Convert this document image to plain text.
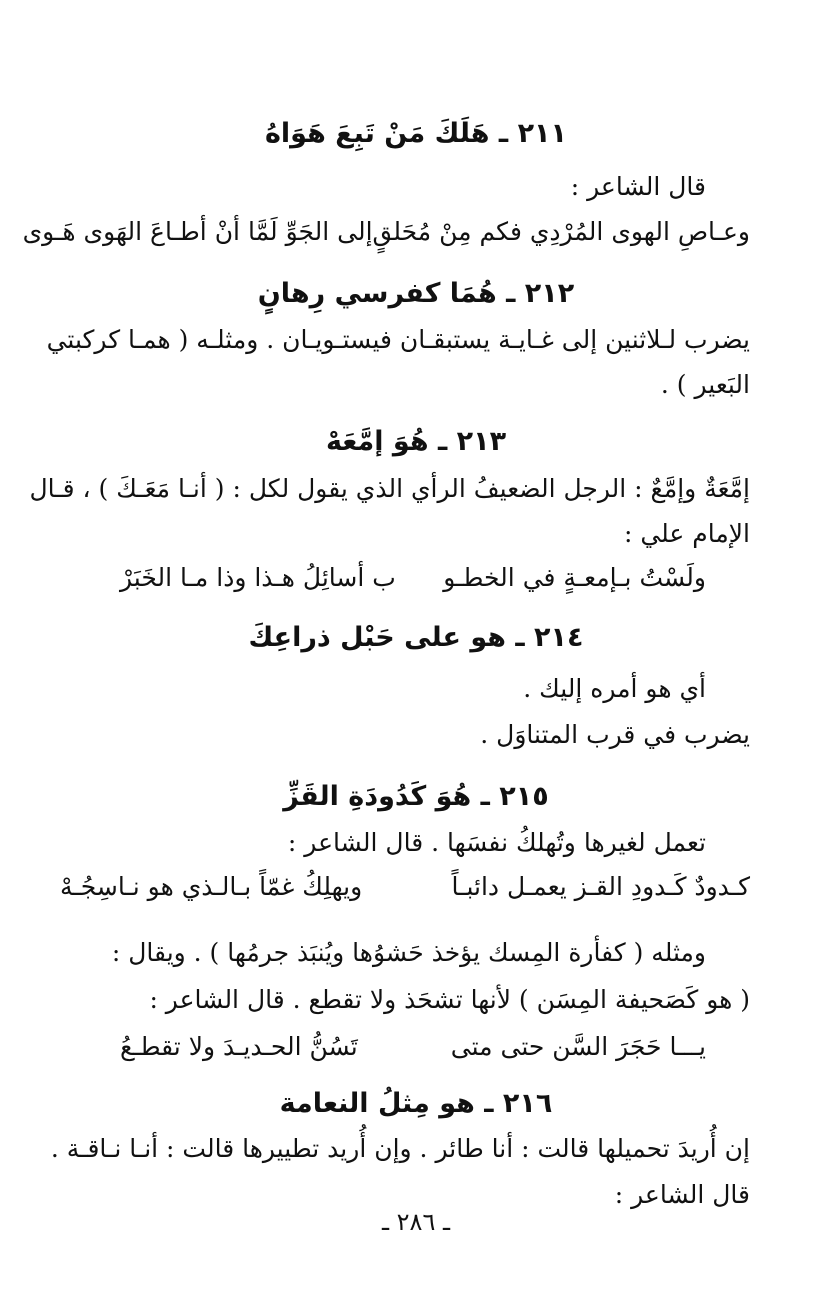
٢١١ ـ هَلَكَ مَنْ تَبِعَ هَوَاهُ
قال الشاعر :
وعـاصِ الهوى المُرْدِي فكم مِنْ مُحَلقٍ
إلى الجَوِّ لَمَّا أنْ أطـاعَ الهَوى هَـوى
٢١٢ ـ هُمَا كفرسي رِهانٍ
يضرب لـلاثنين إلى غـايـة يستبقـان فيستـويـان . ومثلـه ( همـا كركبتي
البَعير ) .
٢١٣ ـ هُوَ إمَّعَهْ
إمَّعَةٌ وإمَّعٌ : الرجل الضعيفُ الرأي الذي يقول لكل : ( أنـا مَعَـكَ ) ، قـال
الإمام علي :
ولَسْتُ بـإمعـةٍ في الخطـو
ب أسائِلُ هـذا وذا مـا الخَبَرْ
٢١٤ ـ هو على حَبْل ذراعِكَ
أي هو أمره إليك .
يضرب في قرب المتناوَل .
٢١٥ ـ هُوَ كَدُودَةِ القَزِّ
تعمل لغيرها وتُهلكُ نفسَها . قال الشاعر :
كـدودٌ كَـدودِ القـز يعمـل دائبـاً
ويهلِكُ غمّاً بـالـذي هو نـاسِجُـهْ
ومثله ( كفأرة المِسك يؤخذ حَشوُها ويُنبَذ جرمُها ) . ويقال :
( هو كَصَحيفة المِسَن ) لأنها تشحَذ ولا تقطع . قال الشاعر :
يـــا حَجَرَ السَّن حتى متى
تَسُنُّ الحـديـدَ ولا تقطـعُ
٢١٦ ـ هو مِثلُ النعامة
إن أُريدَ تحميلها قالت : أنا طائر . وإن أُريد تطييرها قالت : أنـا نـاقـة .
قال الشاعر :
ـ ٢٨٦ ـ
